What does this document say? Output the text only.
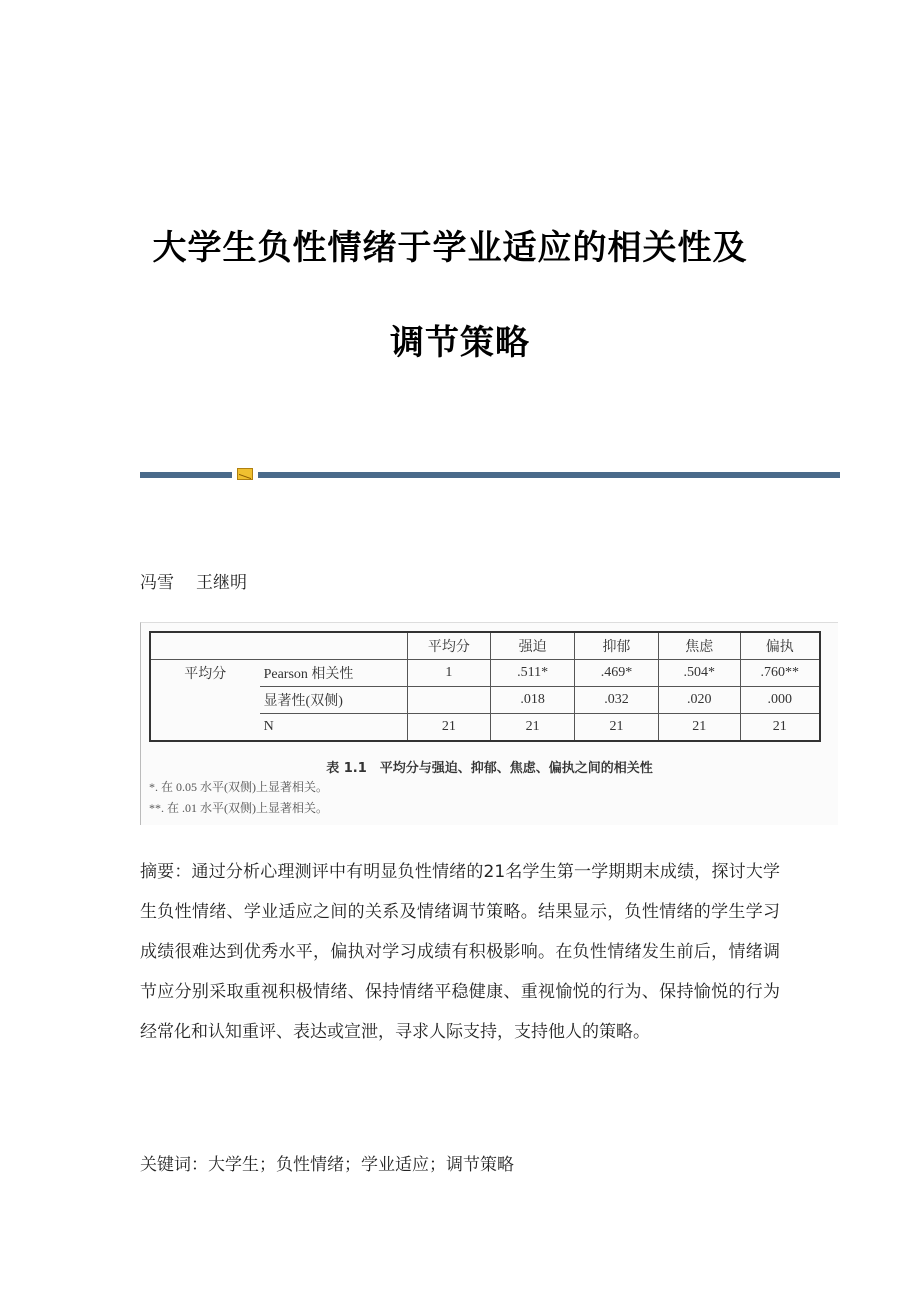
大学生负性情绪于学业适应的相关性及
调节策略
冯雪 王继明
		平均分	强迫	抑郁	焦虑	偏执
平均分	Pearson 相关性	1	.511*	.469*	.504*	.760**
	显著性(双侧)		.018	.032	.020	.000
	N	21	21	21	21	21
表 1.1　平均分与强迫、抑郁、焦虑、偏执之间的相关性
*. 在 0.05 水平(双侧)上显著相关。
**. 在 .01 水平(双侧)上显著相关。
摘要：通过分析心理测评中有明显负性情绪的21名学生第一学期期末成绩，探讨大学生负性情绪、学业适应之间的关系及情绪调节策略。结果显示，负性情绪的学生学习成绩很难达到优秀水平，偏执对学习成绩有积极影响。在负性情绪发生前后，情绪调节应分别采取重视积极情绪、保持情绪平稳健康、重视愉悦的行为、保持愉悦的行为经常化和认知重评、表达或宣泄，寻求人际支持，支持他人的策略。
关键词：大学生；负性情绪；学业适应；调节策略
